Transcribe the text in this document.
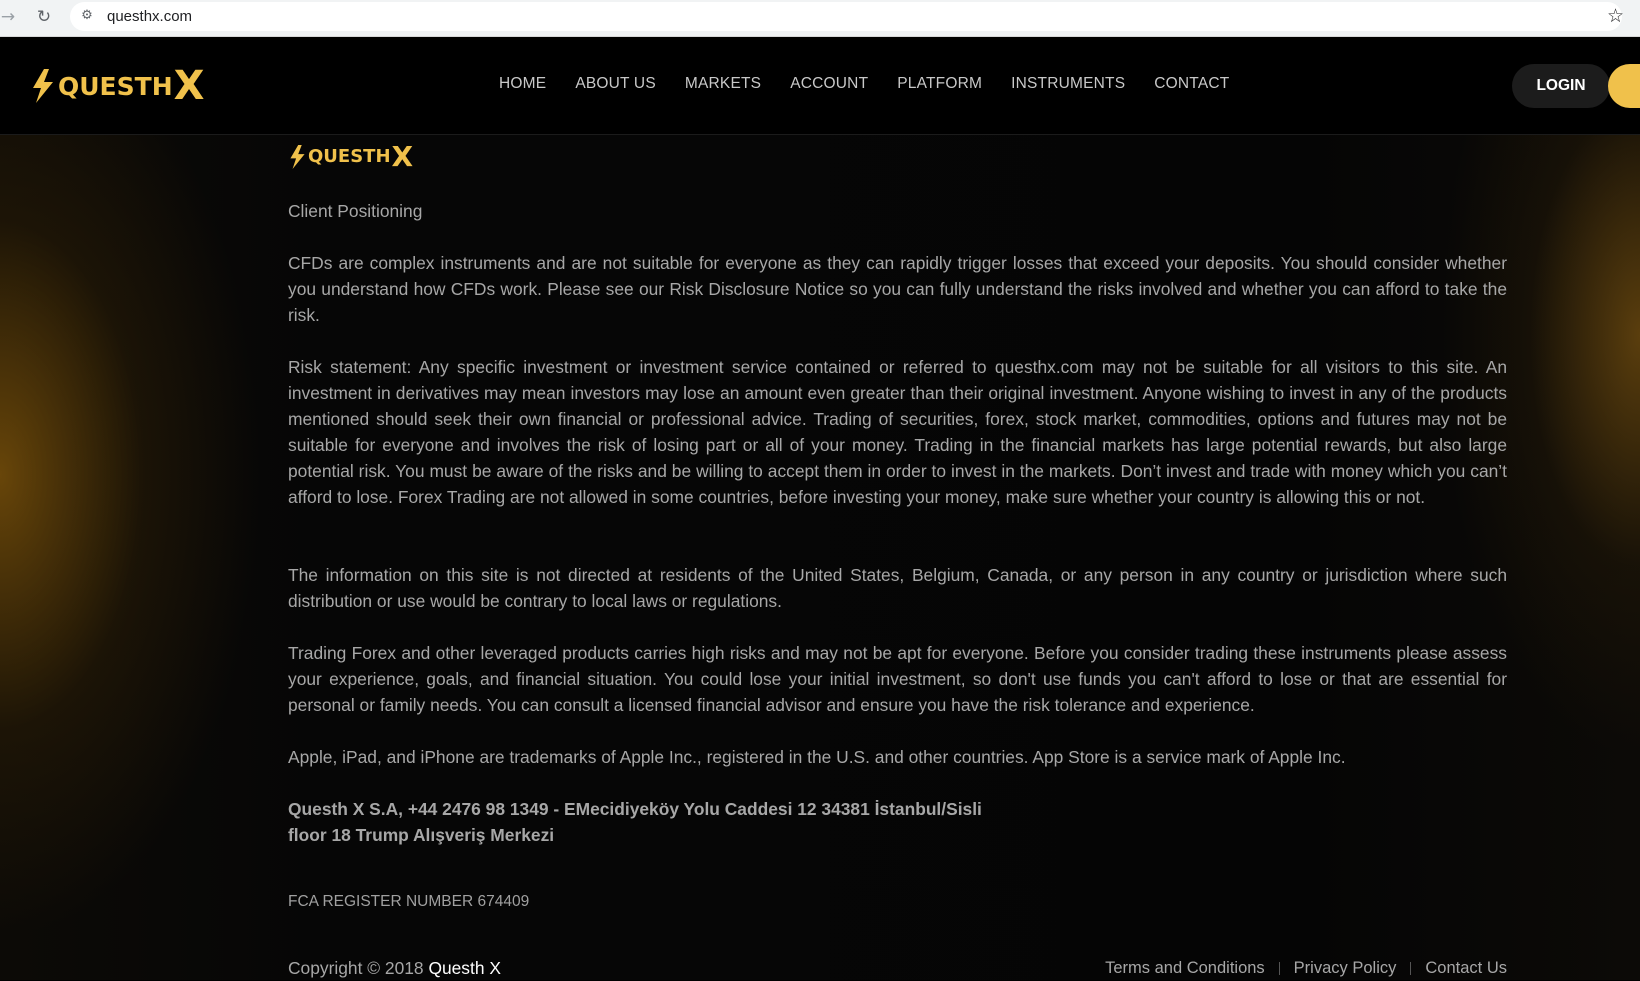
→ ↻ ⚙ questhx.com	☆
QUESTH X	HOME	ABOUT US	MARKETS	ACCOUNT	PLATFORM	INSTRUMENTS	CONTACT	LOGIN
QUESTH X

Client Positioning

CFDs are complex instruments and are not suitable for everyone as they can rapidly trigger losses that exceed your deposits. You should consider whether you understand how CFDs work. Please see our Risk Disclosure Notice so you can fully understand the risks involved and whether you can afford to take the risk.

Risk statement: Any specific investment or investment service contained or referred to questhx.com may not be suitable for all visitors to this site. An investment in derivatives may mean investors may lose an amount even greater than their original investment. Anyone wishing to invest in any of the products mentioned should seek their own financial or professional advice. Trading of securities, forex, stock market, commodities, options and futures may not be suitable for everyone and involves the risk of losing part or all of your money. Trading in the financial markets has large potential rewards, but also large potential risk. You must be aware of the risks and be willing to accept them in order to invest in the markets. Don’t invest and trade with money which you can’t afford to lose. Forex Trading are not allowed in some countries, before investing your money, make sure whether your country is allowing this or not.

The information on this site is not directed at residents of the United States, Belgium, Canada, or any person in any country or jurisdiction where such distribution or use would be contrary to local laws or regulations.

Trading Forex and other leveraged products carries high risks and may not be apt for everyone. Before you consider trading these instruments please assess your experience, goals, and financial situation. You could lose your initial investment, so don't use funds you can't afford to lose or that are essential for personal or family needs. You can consult a licensed financial advisor and ensure you have the risk tolerance and experience.

Apple, iPad, and iPhone are trademarks of Apple Inc., registered in the U.S. and other countries. App Store is a service mark of Apple Inc.

Questh X S.A, +44 2476 98 1349 - EMecidiyeköy Yolu Caddesi 12 34381 İstanbul/Sisli
floor 18 Trump Alışveriş Merkezi
FCA REGISTER NUMBER 674409
Copyright © 2018 Questh X	Terms and Conditions Privacy Policy Contact Us
